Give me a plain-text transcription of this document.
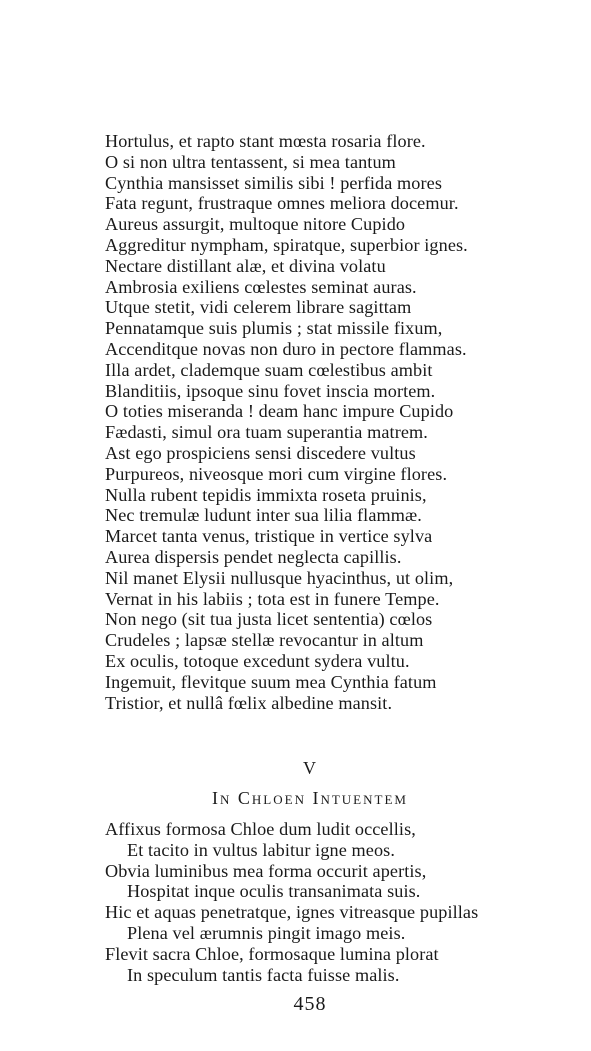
Hortulus, et rapto stant mœsta rosaria flore.
O si non ultra tentassent, si mea tantum
Cynthia mansisset similis sibi ! perfida mores
Fata regunt, frustraque omnes meliora docemur.
Aureus assurgit, multoque nitore Cupido
Aggreditur nympham, spiratque, superbior ignes.
Nectare distillant alæ, et divina volatu
Ambrosia exiliens cœlestes seminat auras.
Utque stetit, vidi celerem librare sagittam
Pennatamque suis plumis ; stat missile fixum,
Accenditque novas non duro in pectore flammas.
Illa ardet, clademque suam cœlestibus ambit
Blanditiis, ipsoque sinu fovet inscia mortem.
O toties miseranda ! deam hanc impure Cupido
Fædasti, simul ora tuam superantia matrem.
Ast ego prospiciens sensi discedere vultus
Purpureos, niveosque mori cum virgine flores.
Nulla rubent tepidis immixta roseta pruinis,
Nec tremulæ ludunt inter sua lilia flammæ.
Marcet tanta venus, tristique in vertice sylva
Aurea dispersis pendet neglecta capillis.
Nil manet Elysii nullusque hyacinthus, ut olim,
Vernat in his labiis ; tota est in funere Tempe.
Non nego (sit tua justa licet sententia) cœlos
Crudeles ; lapsæ stellæ revocantur in altum
Ex oculis, totoque excedunt sydera vultu.
Ingemuit, flevitque suum mea Cynthia fatum
Tristior, et nullâ fœlix albedine mansit.
V
In Chloen Intuentem
Affixus formosa Chloe dum ludit occellis,
Et tacito in vultus labitur igne meos.
Obvia luminibus mea forma occurit apertis,
Hospitat inque oculis transanimata suis.
Hic et aquas penetratque, ignes vitreasque pupillas
Plena vel ærumnis pingit imago meis.
Flevit sacra Chloe, formosaque lumina plorat
In speculum tantis facta fuisse malis.
458
